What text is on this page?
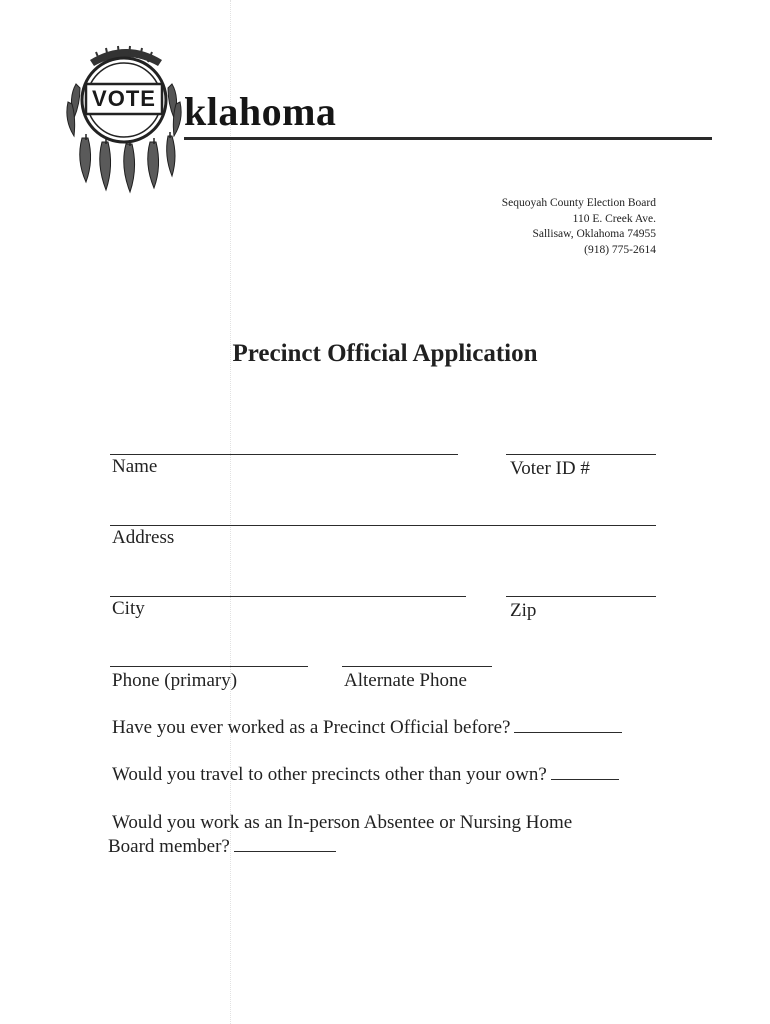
VOTE klahoma
Sequoyah County Election Board
110 E. Creek Ave.
Sallisaw, Oklahoma 74955
(918) 775-2614
Precinct Official Application
Name	Voter ID #
Address
City	Zip
Phone (primary)	Alternate Phone
Have you ever worked as a Precinct Official before?
Would you travel to other precincts other than your own?
Would you work as an In-person Absentee or Nursing Home
Board member?
